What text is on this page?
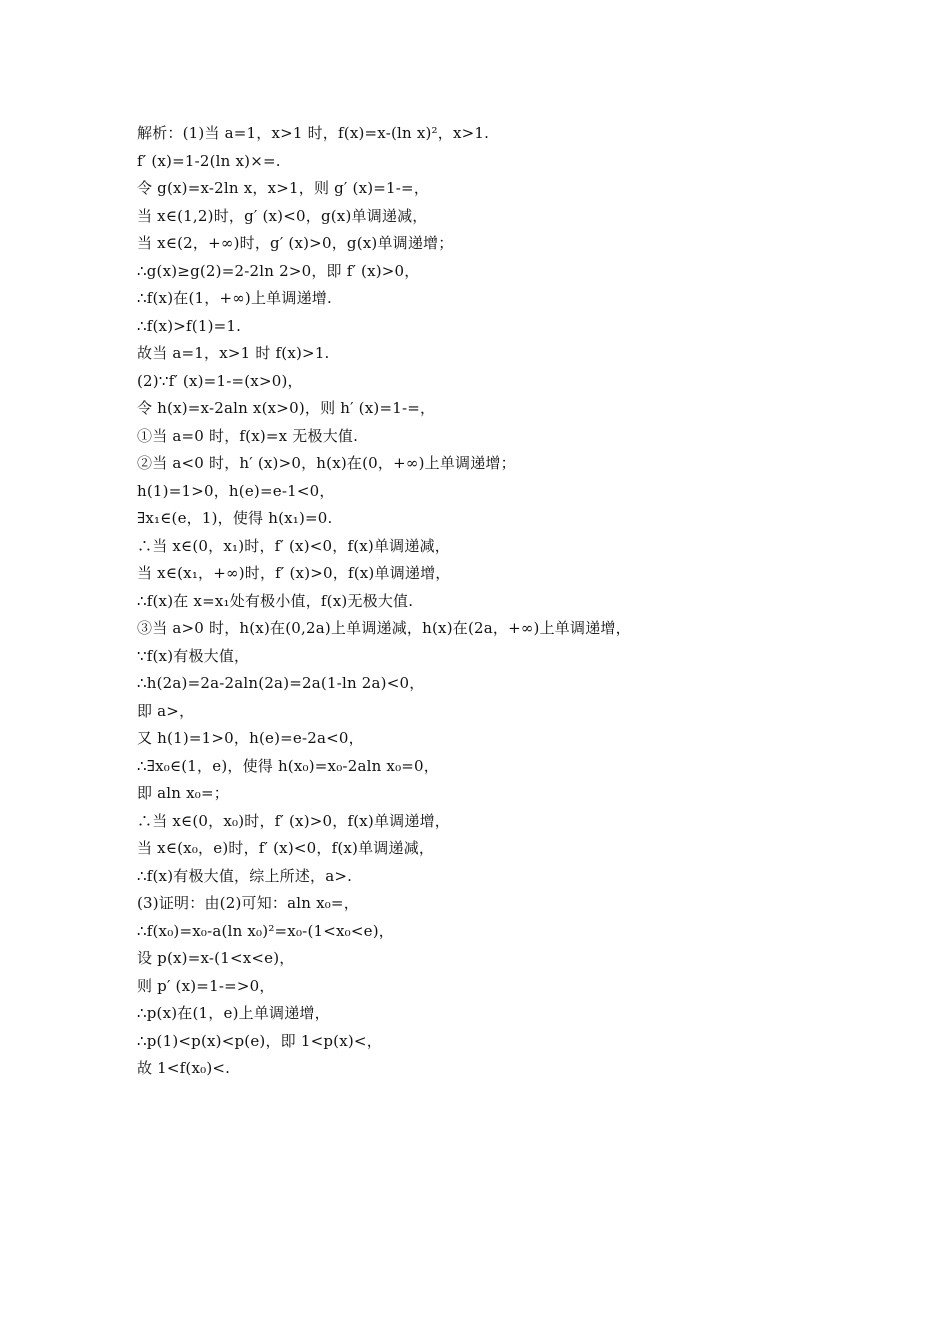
解析：(1)当 a=1，x>1 时，f(x)=x-(ln x)²，x>1.
f′ (x)=1-2(ln x)×=.
令 g(x)=x-2ln x，x>1，则 g′ (x)=1-=，
当 x∈(1,2)时，g′ (x)<0，g(x)单调递减，
当 x∈(2，+∞)时，g′ (x)>0，g(x)单调递增；
∴g(x)≥g(2)=2-2ln 2>0，即 f′ (x)>0，
∴f(x)在(1，+∞)上单调递增.
∴f(x)>f(1)=1.
故当 a=1，x>1 时 f(x)>1.
(2)∵f′ (x)=1-=(x>0)，
令 h(x)=x-2aln x(x>0)，则 h′ (x)=1-=，
①当 a=0 时，f(x)=x 无极大值.
②当 a<0 时，h′ (x)>0，h(x)在(0，+∞)上单调递增；
h(1)=1>0，h(e)=e-1<0，
∃x₁∈(e，1)，使得 h(x₁)=0.
∴当 x∈(0，x₁)时，f′ (x)<0，f(x)单调递减，
当 x∈(x₁，+∞)时，f′ (x)>0，f(x)单调递增，
∴f(x)在 x=x₁处有极小值，f(x)无极大值.
③当 a>0 时，h(x)在(0,2a)上单调递减，h(x)在(2a，+∞)上单调递增，
∵f(x)有极大值，
∴h(2a)=2a-2aln(2a)=2a(1-ln 2a)<0，
即 a>，
又 h(1)=1>0，h(e)=e-2a<0，
∴∃x₀∈(1，e)，使得 h(x₀)=x₀-2aln x₀=0，
即 aln x₀=；
∴当 x∈(0，x₀)时，f′ (x)>0，f(x)单调递增，
当 x∈(x₀，e)时，f′ (x)<0，f(x)单调递减，
∴f(x)有极大值，综上所述，a>.
(3)证明：由(2)可知：aln x₀=，
∴f(x₀)=x₀-a(ln x₀)²=x₀-(1<x₀<e)，
设 p(x)=x-(1<x<e)，
则 p′ (x)=1-=>0，
∴p(x)在(1，e)上单调递增，
∴p(1)<p(x)<p(e)，即 1<p(x)<，
故 1<f(x₀)<.
